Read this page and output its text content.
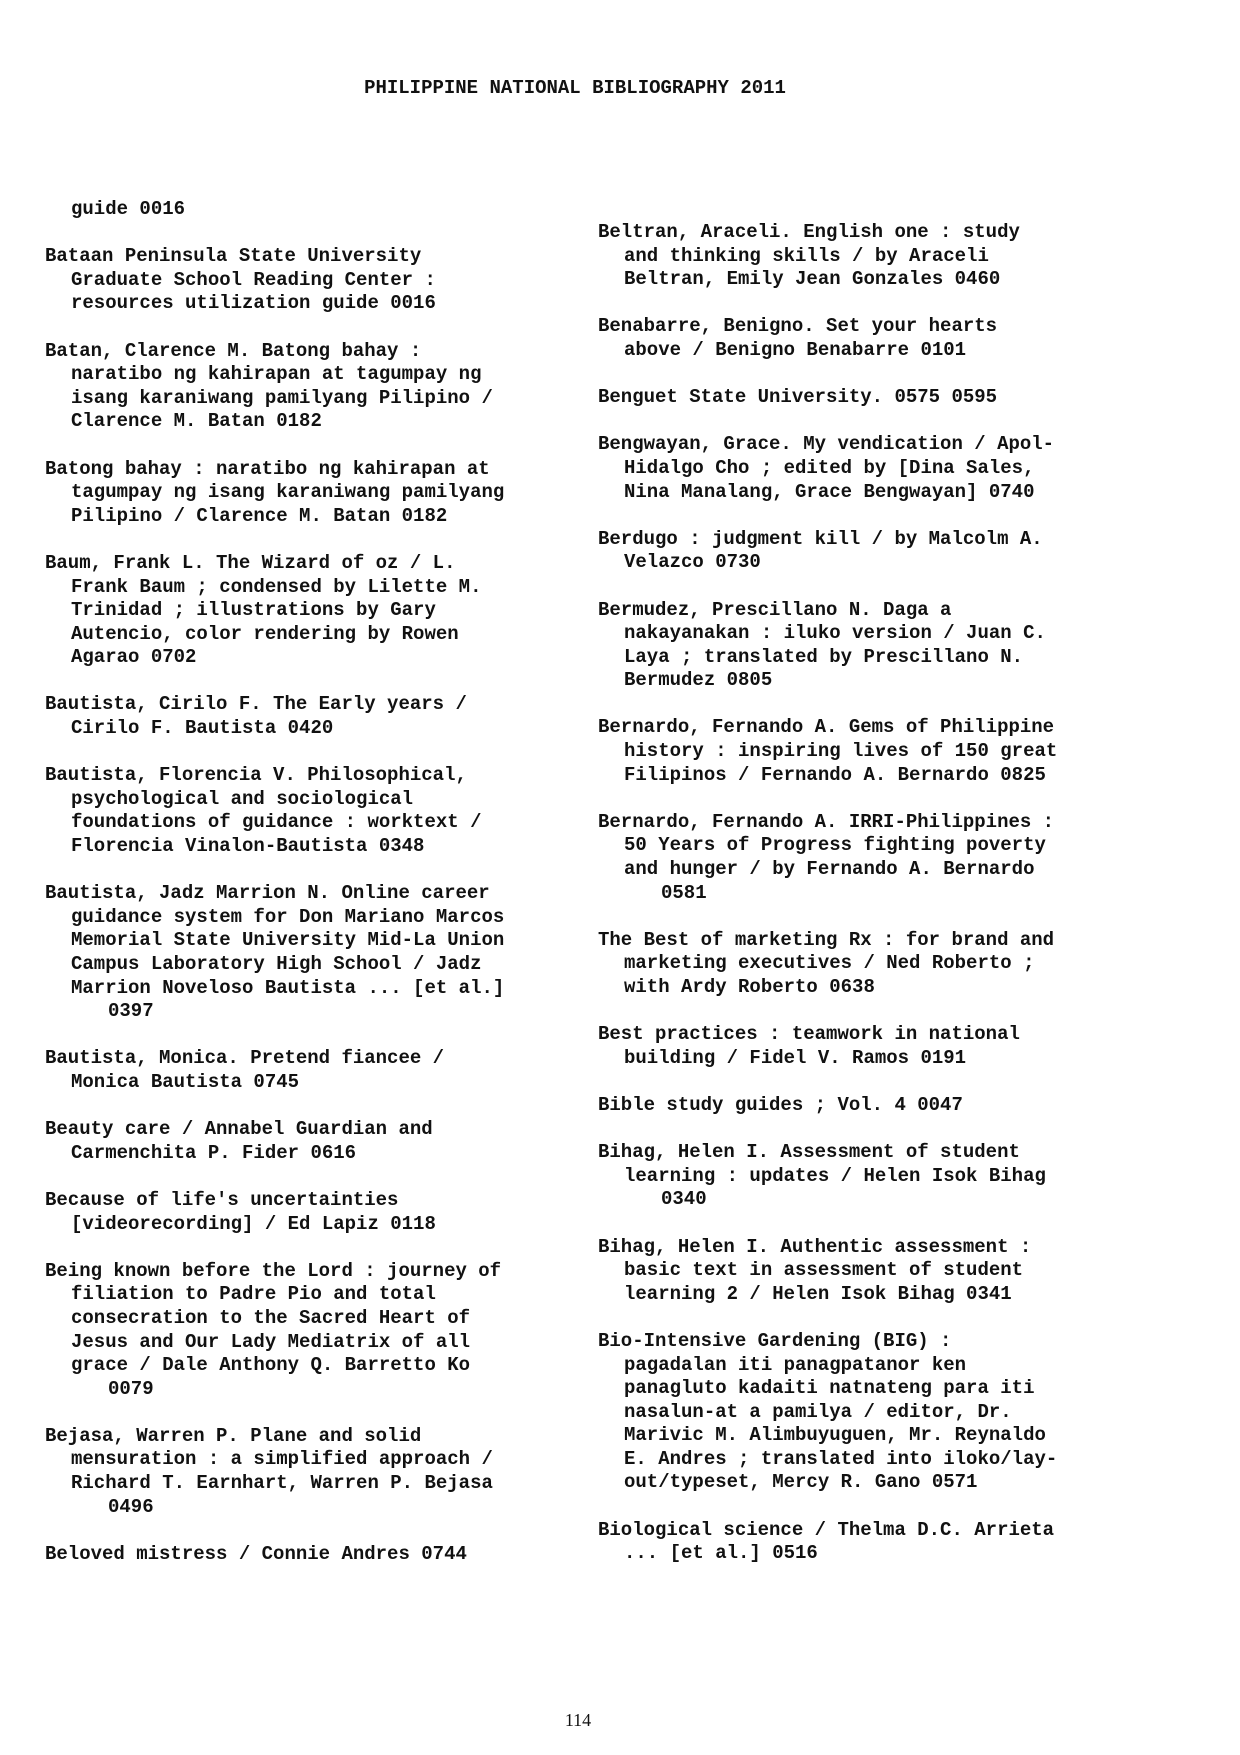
PHILIPPINE NATIONAL BIBLIOGRAPHY 2011
guide 0016
Bataan Peninsula State University
Graduate School Reading Center :
resources utilization guide 0016
Batan, Clarence M. Batong bahay :
naratibo ng kahirapan at tagumpay ng
isang karaniwang pamilyang Pilipino /
Clarence M. Batan 0182
Batong bahay : naratibo ng kahirapan at
tagumpay ng isang karaniwang pamilyang
Pilipino / Clarence M. Batan 0182
Baum, Frank L. The Wizard of oz / L.
Frank Baum ; condensed by Lilette M.
Trinidad ; illustrations by Gary
Autencio, color rendering by Rowen
Agarao 0702
Bautista, Cirilo F. The Early years /
Cirilo F. Bautista 0420
Bautista, Florencia V. Philosophical,
psychological and sociological
foundations of guidance : worktext /
Florencia Vinalon-Bautista 0348
Bautista, Jadz Marrion N. Online career
guidance system for Don Mariano Marcos
Memorial State University Mid-La Union
Campus Laboratory High School / Jadz
Marrion Noveloso Bautista ... [et al.]
0397
Bautista, Monica. Pretend fiancee /
Monica Bautista 0745
Beauty care / Annabel Guardian and
Carmenchita P. Fider 0616
Because of life's uncertainties
[videorecording] / Ed Lapiz 0118
Being known before the Lord : journey of
filiation to Padre Pio and total
consecration to the Sacred Heart of
Jesus and Our Lady Mediatrix of all
grace / Dale Anthony Q. Barretto Ko
0079
Bejasa, Warren P. Plane and solid
mensuration : a simplified approach /
Richard T. Earnhart, Warren P. Bejasa
0496
Beloved mistress / Connie Andres 0744
Beltran, Araceli. English one : study
and thinking skills / by Araceli
Beltran, Emily Jean Gonzales 0460
Benabarre, Benigno. Set your hearts
above / Benigno Benabarre 0101
Benguet State University. 0575 0595
Bengwayan, Grace. My vendication / Apol-
Hidalgo Cho ; edited by [Dina Sales,
Nina Manalang, Grace Bengwayan] 0740
Berdugo : judgment kill / by Malcolm A.
Velazco 0730
Bermudez, Prescillano N. Daga a
nakayanakan : iluko version / Juan C.
Laya ; translated by Prescillano N.
Bermudez 0805
Bernardo, Fernando A. Gems of Philippine
history : inspiring lives of 150 great
Filipinos / Fernando A. Bernardo 0825
Bernardo, Fernando A. IRRI-Philippines :
50 Years of Progress fighting poverty
and hunger / by Fernando A. Bernardo
0581
The Best of marketing Rx : for brand and
marketing executives / Ned Roberto ;
with Ardy Roberto 0638
Best practices : teamwork in national
building / Fidel V. Ramos 0191
Bible study guides ; Vol. 4 0047
Bihag, Helen I. Assessment of student
learning : updates / Helen Isok Bihag
0340
Bihag, Helen I. Authentic assessment :
basic text in assessment of student
learning 2 / Helen Isok Bihag 0341
Bio-Intensive Gardening (BIG) :
pagadalan iti panagpatanor ken
panagluto kadaiti natnateng para iti
nasalun-at a pamilya / editor, Dr.
Marivic M. Alimbuyuguen, Mr. Reynaldo
E. Andres ; translated into iloko/lay-
out/typeset, Mercy R. Gano 0571
Biological science / Thelma D.C. Arrieta
... [et al.] 0516
114
